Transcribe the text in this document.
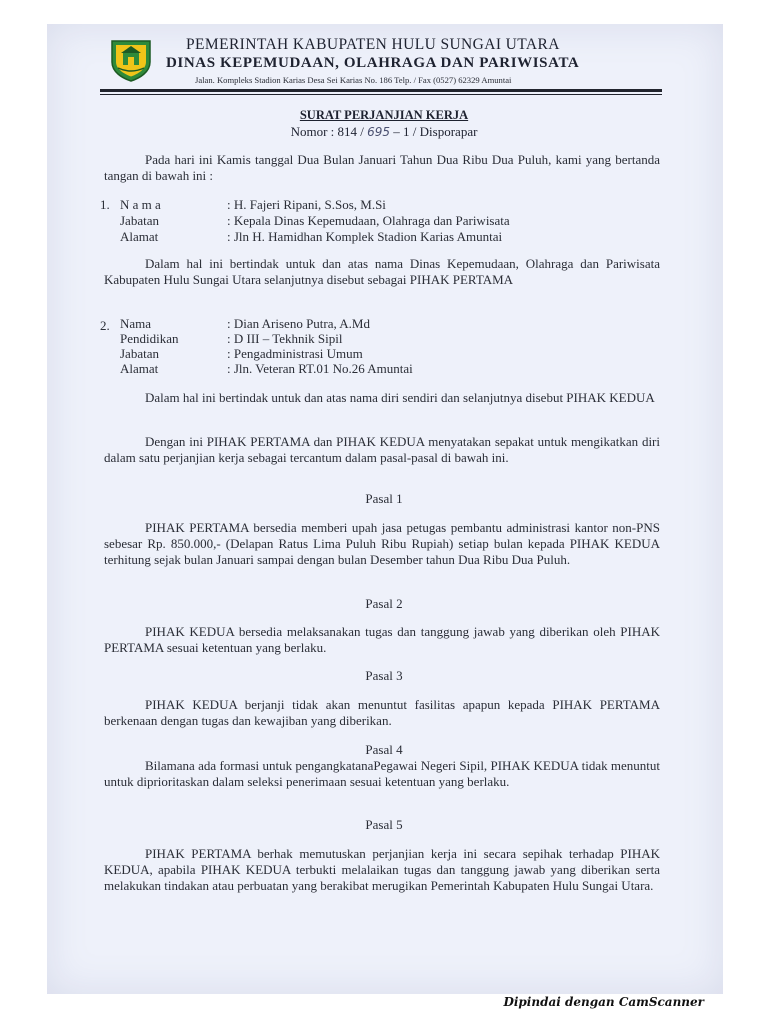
PEMERINTAH KABUPATEN HULU SUNGAI UTARA
DINAS KEPEMUDAAN, OLAHRAGA DAN PARIWISATA
Jalan. Kompleks Stadion Karias Desa Sei Karias No. 186 Telp. / Fax (0527) 62329 Amuntai
SURAT PERJANJIAN KERJA
Nomor : 814 / 695 – 1 / Disporapar
Pada hari ini Kamis tanggal Dua Bulan Januari Tahun Dua Ribu Dua Puluh, kami yang bertanda tangan di bawah ini :
1. N a m a	: H. Fajeri Ripani, S.Sos, M.Si
Jabatan	: Kepala Dinas Kepemudaan, Olahraga dan Pariwisata
Alamat	: Jln H. Hamidhan Komplek Stadion Karias Amuntai
Dalam hal ini bertindak untuk dan atas nama Dinas Kepemudaan, Olahraga dan Pariwisata Kabupaten Hulu Sungai Utara selanjutnya disebut sebagai PIHAK PERTAMA
2. Nama	: Dian Ariseno Putra, A.Md
Pendidikan	: D III – Tekhnik Sipil
Jabatan	: Pengadministrasi Umum
Alamat	: Jln. Veteran RT.01 No.26 Amuntai
Dalam hal ini bertindak untuk dan atas nama diri sendiri dan selanjutnya disebut PIHAK KEDUA
Dengan ini PIHAK PERTAMA dan PIHAK KEDUA menyatakan sepakat untuk mengikatkan diri dalam satu perjanjian kerja sebagai tercantum dalam pasal-pasal di bawah ini.
Pasal 1
PIHAK PERTAMA bersedia memberi upah jasa petugas pembantu administrasi kantor non-PNS sebesar Rp. 850.000,- (Delapan Ratus Lima Puluh Ribu Rupiah) setiap bulan kepada PIHAK KEDUA terhitung sejak bulan Januari sampai dengan bulan Desember tahun Dua Ribu Dua Puluh.
Pasal 2
PIHAK KEDUA bersedia melaksanakan tugas dan tanggung jawab yang diberikan oleh PIHAK PERTAMA sesuai ketentuan yang berlaku.
Pasal 3
PIHAK KEDUA berjanji tidak akan menuntut fasilitas apapun kepada PIHAK PERTAMA berkenaan dengan tugas dan kewajiban yang diberikan.
Pasal 4
Bilamana ada formasi untuk pengangkatanaPegawai Negeri Sipil, PIHAK KEDUA tidak menuntut untuk diprioritaskan dalam seleksi penerimaan sesuai ketentuan yang berlaku.
Pasal 5
PIHAK PERTAMA berhak memutuskan perjanjian kerja ini secara sepihak terhadap PIHAK KEDUA, apabila PIHAK KEDUA terbukti melalaikan tugas dan tanggung jawab yang diberikan serta melakukan tindakan atau perbuatan yang berakibat merugikan Pemerintah Kabupaten Hulu Sungai Utara.
Dipindai dengan CamScanner
